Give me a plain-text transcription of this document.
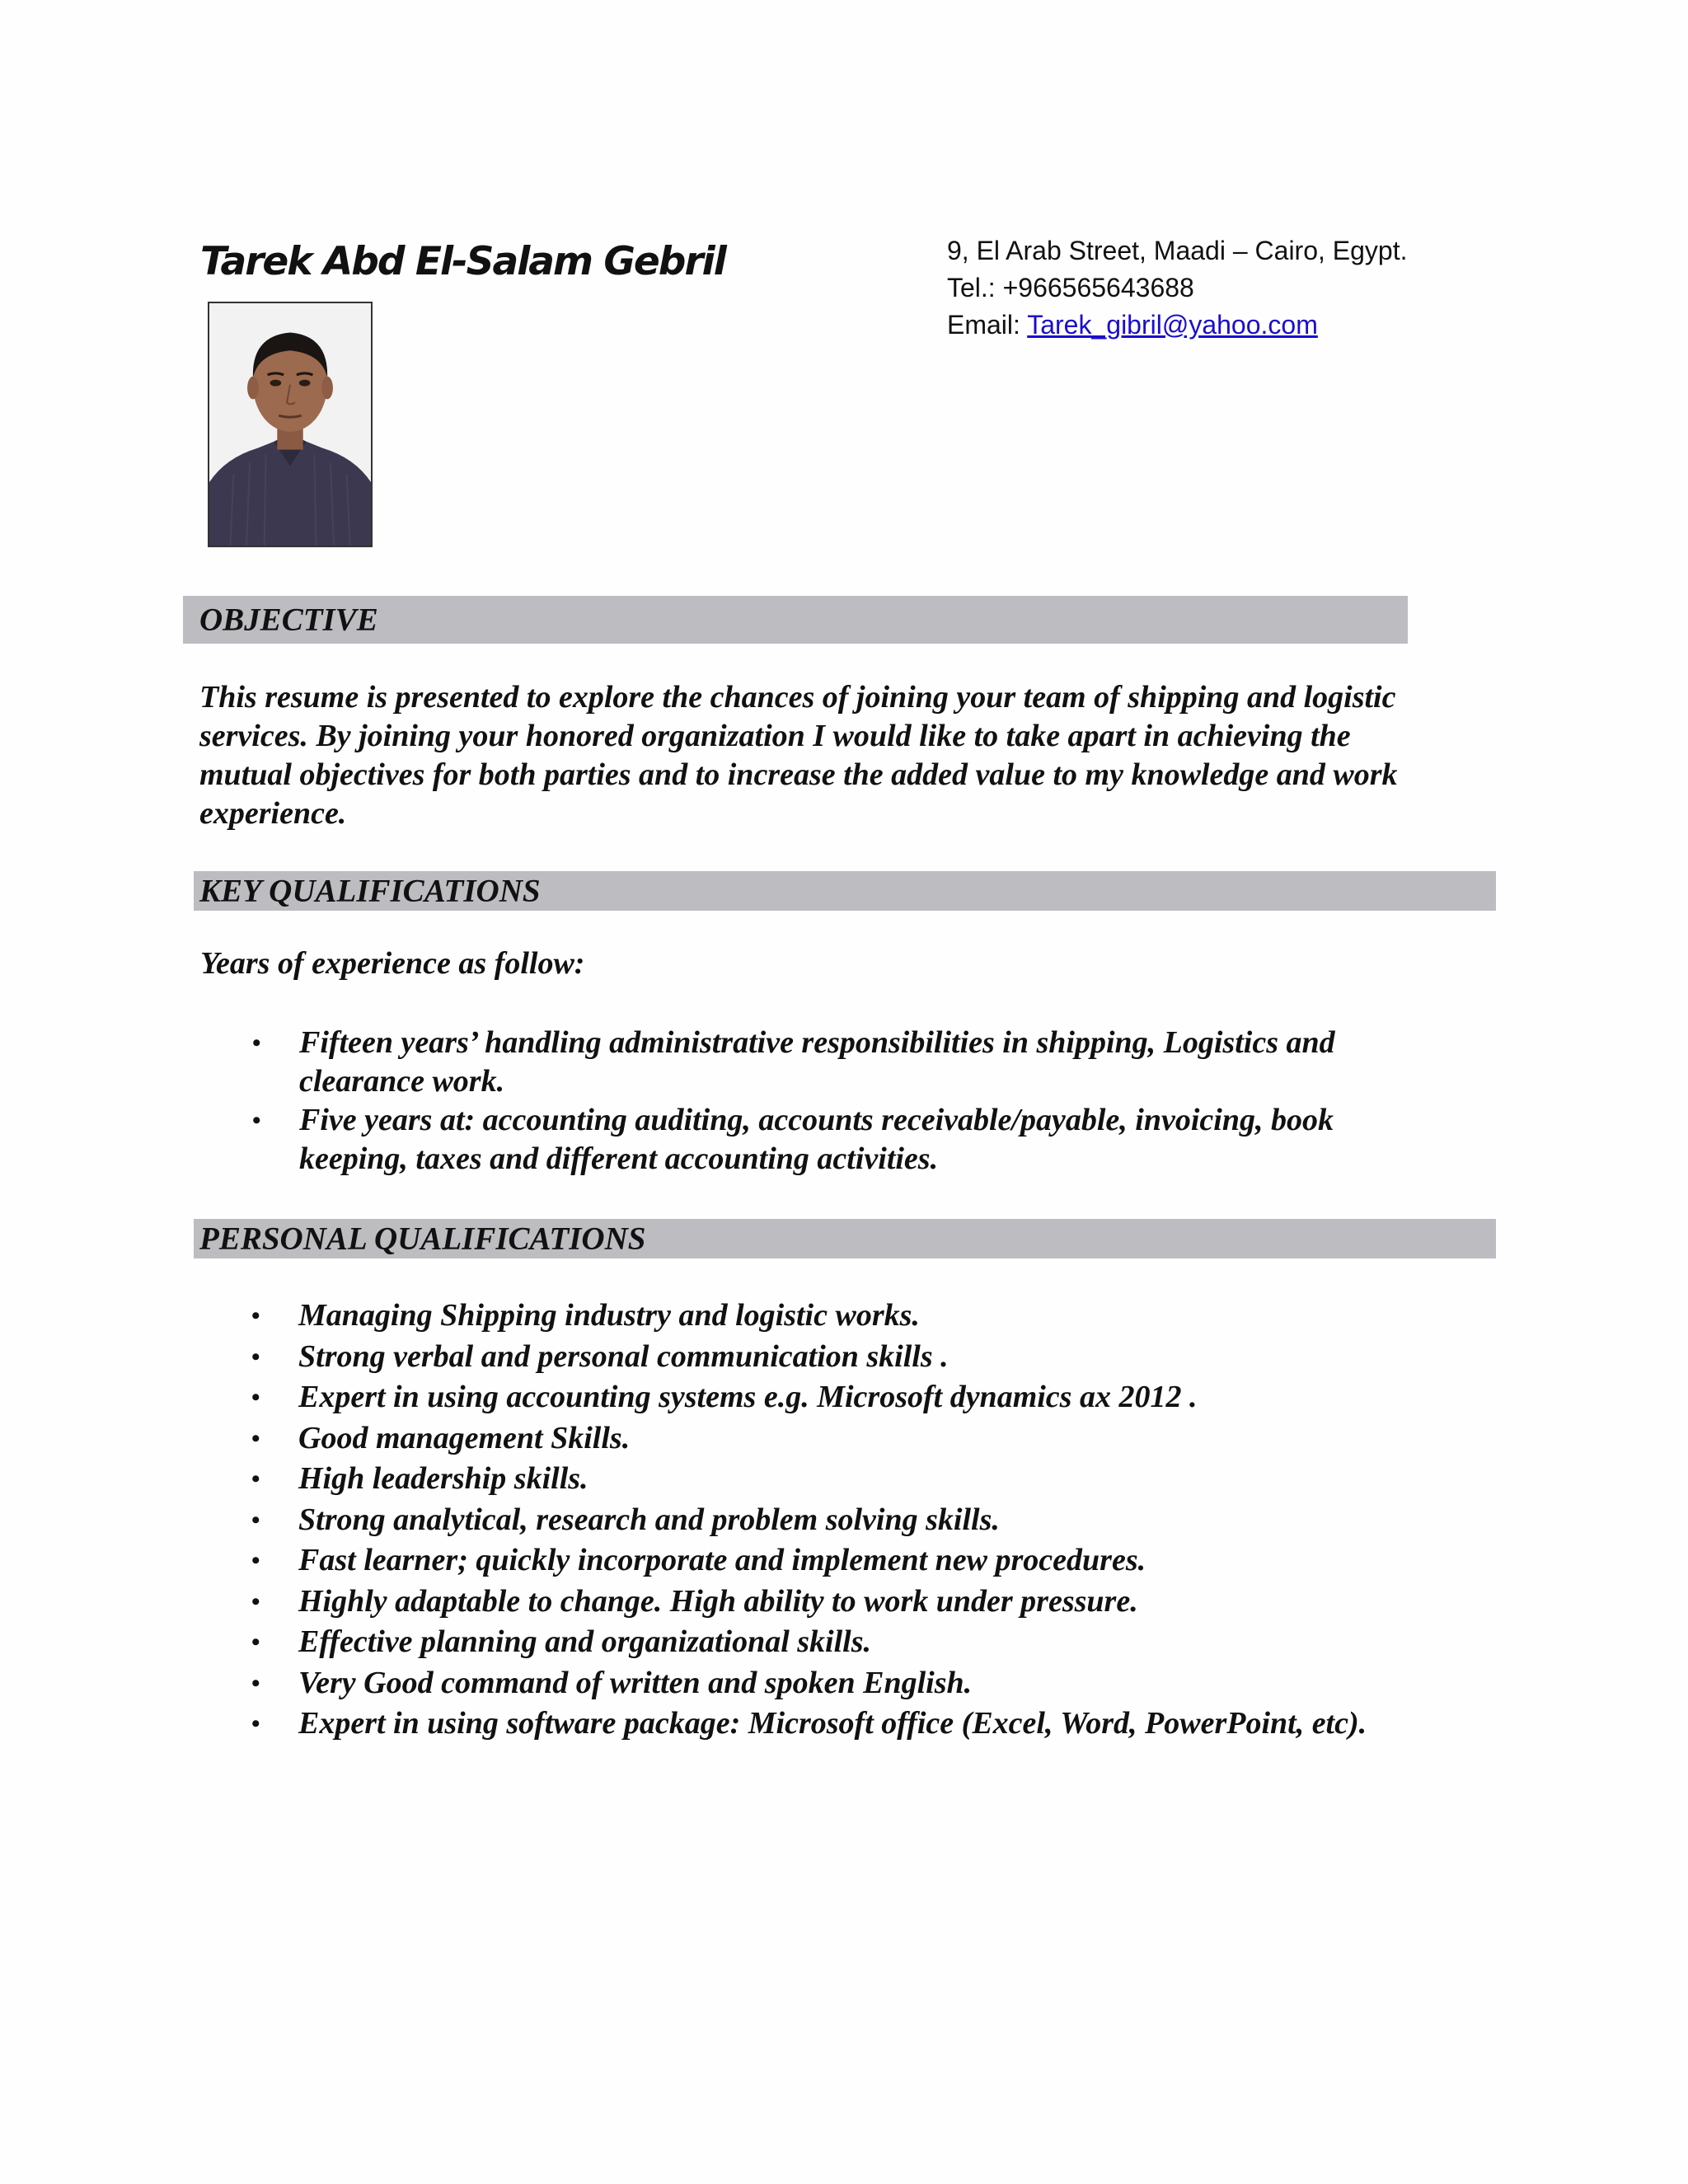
Tarek Abd El-Salam Gebril	9, El Arab Street, Maadi – Cairo, Egypt.
Tel.: +966565643688
Email: Tarek_gibril@yahoo.com
OBJECTIVE
This resume is presented to explore the chances of joining your team of shipping and logistic
services. By joining your honored organization I would like to take apart in achieving the
mutual objectives for both parties and to increase the added value to my knowledge and work
experience.
KEY QUALIFICATIONS
Years of experience as follow:
• Fifteen years’ handling administrative responsibilities in shipping, Logistics and
clearance work.
• Five years at: accounting auditing, accounts receivable/payable, invoicing, book
keeping, taxes and different accounting activities.
PERSONAL QUALIFICATIONS
• Managing Shipping industry and logistic works.
• Strong verbal and personal communication skills .
• Expert in using accounting systems e.g. Microsoft dynamics ax 2012 .
• Good management Skills.
• High leadership skills.
• Strong analytical, research and problem solving skills.
• Fast learner; quickly incorporate and implement new procedures.
• Highly adaptable to change. High ability to work under pressure.
• Effective planning and organizational skills.
• Very Good command of written and spoken English.
• Expert in using software package: Microsoft office (Excel, Word, PowerPoint, etc).
